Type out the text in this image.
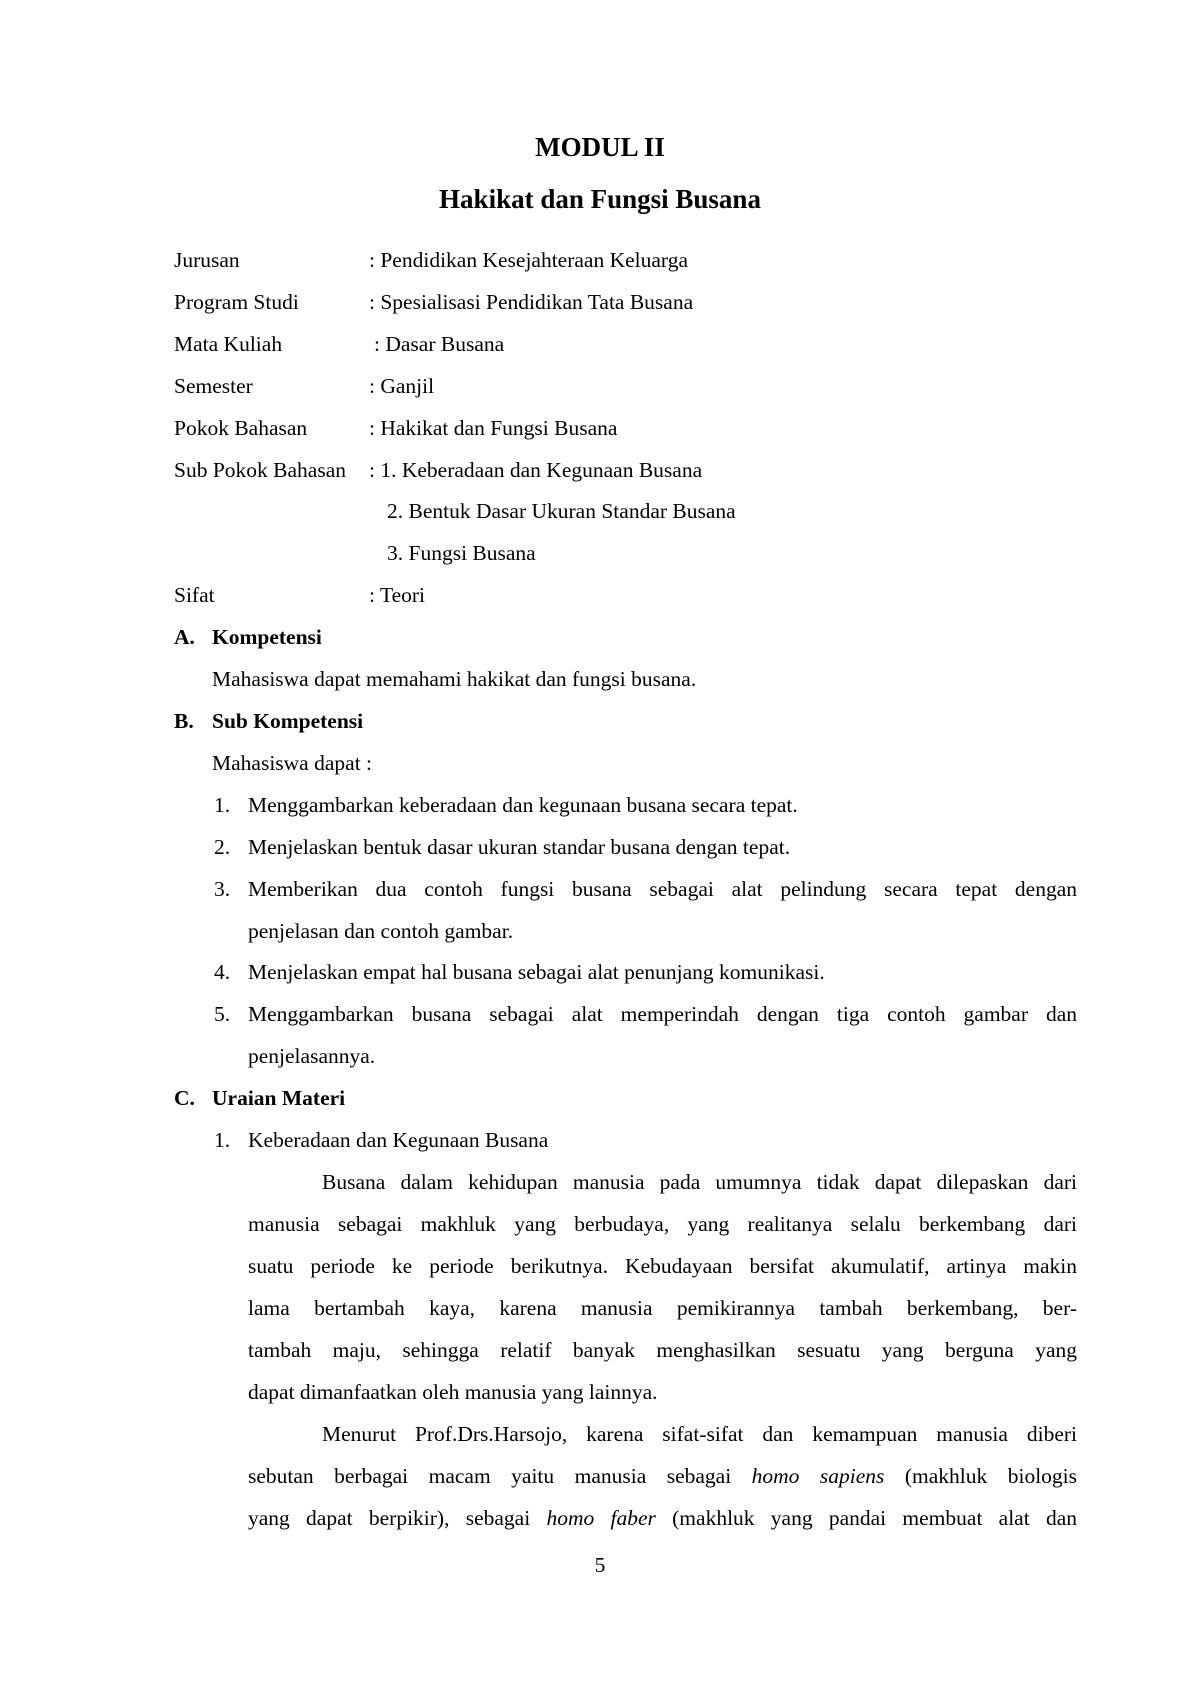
MODUL II
Hakikat dan Fungsi Busana
Jurusan	: Pendidikan Kesejahteraan Keluarga
Program Studi	: Spesialisasi Pendidikan Tata Busana
Mata Kuliah	: Dasar Busana
Semester	: Ganjil
Pokok Bahasan	: Hakikat dan Fungsi Busana
Sub Pokok Bahasan : 1. Keberadaan dan Kegunaan Busana
2. Bentuk Dasar Ukuran Standar Busana
3. Fungsi Busana
Sifat	: Teori
A. Kompetensi
Mahasiswa dapat memahami hakikat dan fungsi busana.
B. Sub Kompetensi
Mahasiswa dapat :
1. Menggambarkan keberadaan dan kegunaan busana secara tepat.
2. Menjelaskan bentuk dasar ukuran standar busana dengan tepat.
3. Memberikan dua contoh fungsi busana sebagai alat pelindung secara tepat dengan
penjelasan dan contoh gambar.
4. Menjelaskan empat hal busana sebagai alat penunjang komunikasi.
5. Menggambarkan busana sebagai alat memperindah dengan tiga contoh gambar dan
penjelasannya.
C. Uraian Materi
1. Keberadaan dan Kegunaan Busana
Busana dalam kehidupan manusia pada umumnya tidak dapat dilepaskan dari
manusia sebagai makhluk yang berbudaya, yang realitanya selalu berkembang dari
suatu periode ke periode berikutnya. Kebudayaan bersifat akumulatif, artinya makin
lama bertambah kaya, karena manusia pemikirannya tambah berkembang, ber-
tambah maju, sehingga relatif banyak menghasilkan sesuatu yang berguna yang
dapat dimanfaatkan oleh manusia yang lainnya.
Menurut Prof.Drs.Harsojo, karena sifat-sifat dan kemampuan manusia diberi
sebutan berbagai macam yaitu manusia sebagai homo sapiens (makhluk biologis
yang dapat berpikir), sebagai homo faber (makhluk yang pandai membuat alat dan
5
